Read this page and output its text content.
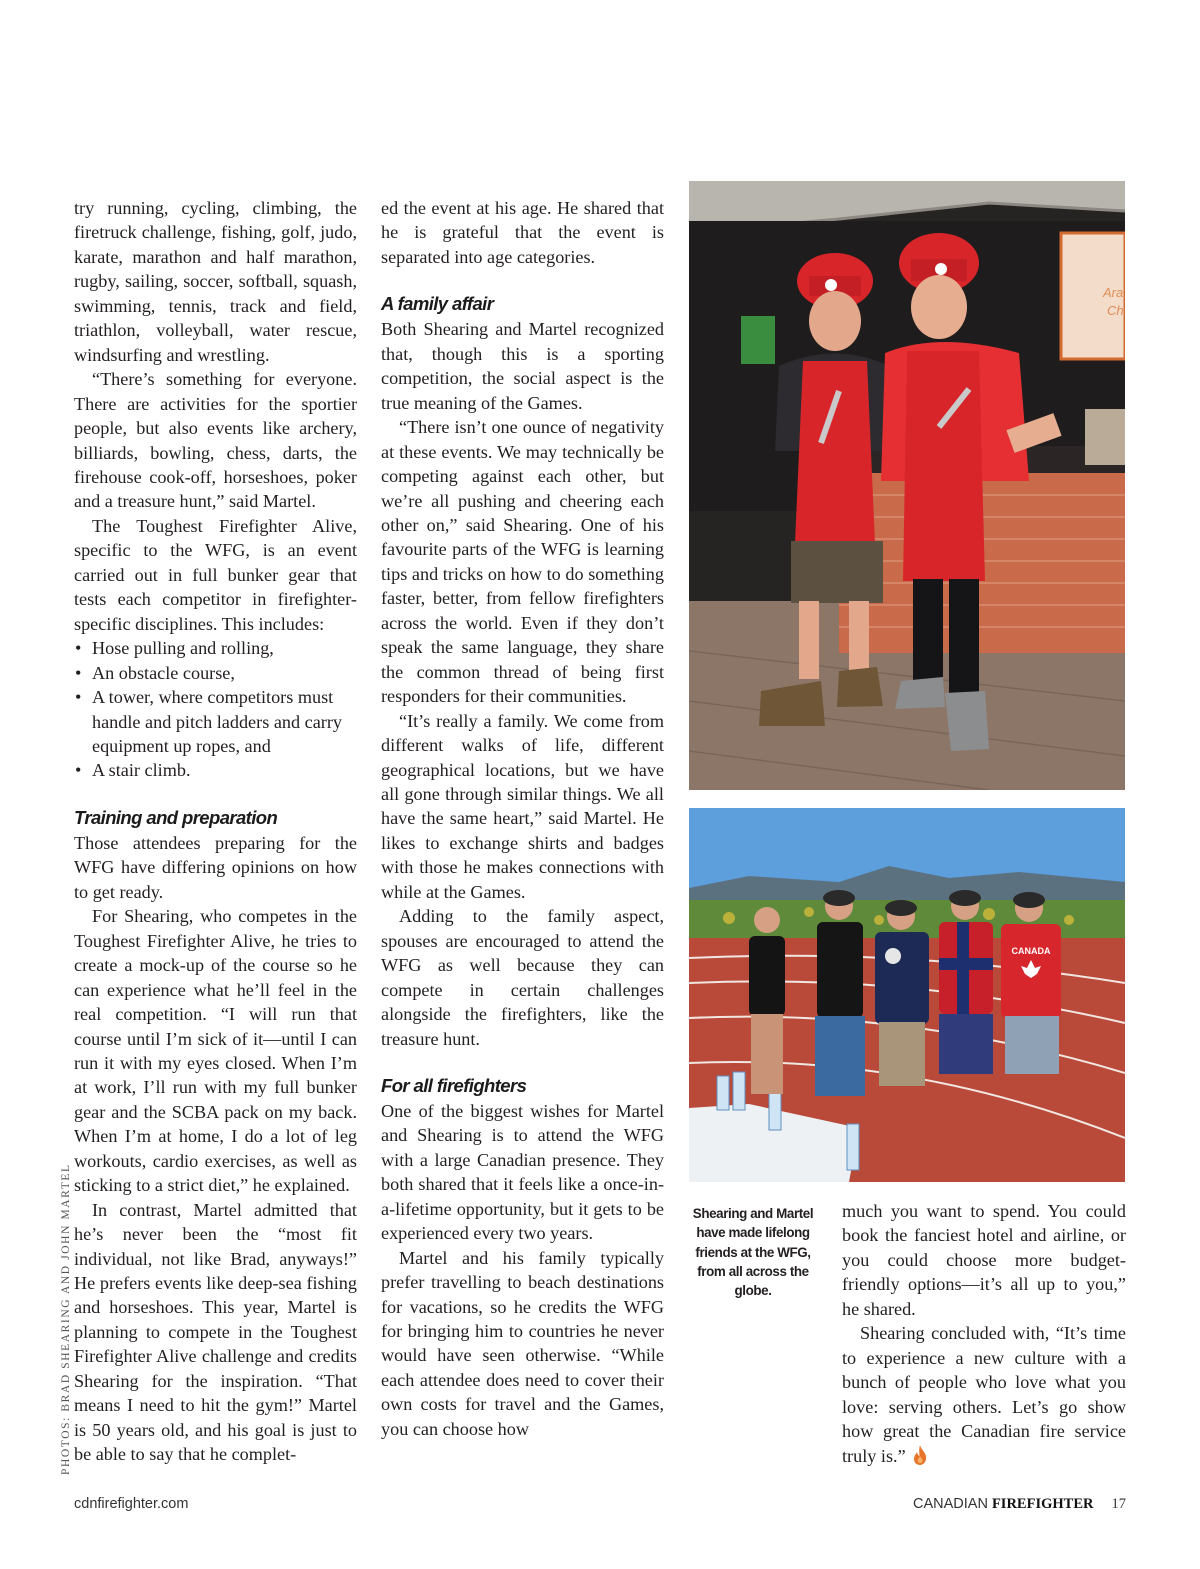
try running, cycling, climbing, the firetruck challenge, fishing, golf, judo, karate, marathon and half marathon, rugby, sailing, soccer, softball, squash, swimming, tennis, track and field, triathlon, volleyball, water rescue, windsurfing and wrestling.

“There’s something for everyone. There are activities for the sportier people, but also events like archery, billiards, bowling, chess, darts, the firehouse cook-off, horseshoes, poker and a treasure hunt,” said Martel.

The Toughest Firefighter Alive, specific to the WFG, is an event carried out in full bunker gear that tests each competitor in firefighter-specific disciplines. This includes:

• Hose pulling and rolling,
• An obstacle course,
• A tower, where competitors must handle and pitch ladders and carry equipment up ropes, and
• A stair climb.
Training and preparation

Those attendees preparing for the WFG have differing opinions on how to get ready.

For Shearing, who competes in the Toughest Firefighter Alive, he tries to create a mock-up of the course so he can experience what he’ll feel in the real competition. “I will run that course until I’m sick of it—until I can run it with my eyes closed. When I’m at work, I’ll run with my full bunker gear and the SCBA pack on my back. When I’m at home, I do a lot of leg workouts, cardio exercises, as well as sticking to a strict diet,” he explained.

In contrast, Martel admitted that he’s never been the “most fit individual, not like Brad, anyways!” He prefers events like deep-sea fishing and horseshoes. This year, Martel is planning to compete in the Toughest Firefighter Alive challenge and credits Shearing for the inspiration. “That means I need to hit the gym!” Martel is 50 years old, and his goal is just to be able to say that he complet-

ed the event at his age. He shared that he is grateful that the event is separated into age categories.

A family affair

Both Shearing and Martel recognized that, though this is a sporting competition, the social aspect is the true meaning of the Games.

“There isn’t one ounce of negativity at these events. We may technically be competing against each other, but we’re all pushing and cheering each other on,” said Shearing. One of his favourite parts of the WFG is learning tips and tricks on how to do something faster, better, from fellow firefighters across the world. Even if they don’t speak the same language, they share the common thread of being first responders for their communities.

“It’s really a family. We come from different walks of life, different geographical locations, but we have all gone through similar things. We all have the same heart,” said Martel. He likes to exchange shirts and badges with those he makes connections with while at the Games.

Adding to the family aspect, spouses are encouraged to attend the WFG as well because they can compete in certain challenges alongside the firefighters, like the treasure hunt.

For all firefighters

One of the biggest wishes for Martel and Shearing is to attend the WFG with a large Canadian presence. They both shared that it feels like a once-in-a-lifetime opportunity, but it gets to be experienced every two years.

Martel and his family typically prefer travelling to beach destinations for vacations, so he credits the WFG for bringing him to countries he never would have seen otherwise. “While each attendee does need to cover their own costs for travel and the Games, you can choose how

much you want to spend. You could book the fanciest hotel and airline, or you could choose more budget-friendly options—it’s all up to you,” he shared.

Shearing concluded with, “It’s time to experience a new culture with a bunch of people who love what you love: serving others. Let’s go show how great the Canadian fire service truly is.”

Ara
Ch
CANADA
Shearing and Martel have made lifelong friends at the WFG, from all across the globe.
PHOTOS: BRAD SHEARING AND JOHN MARTEL
cdnfirefighter.com	CANADIAN FIREFIGHTER 17
